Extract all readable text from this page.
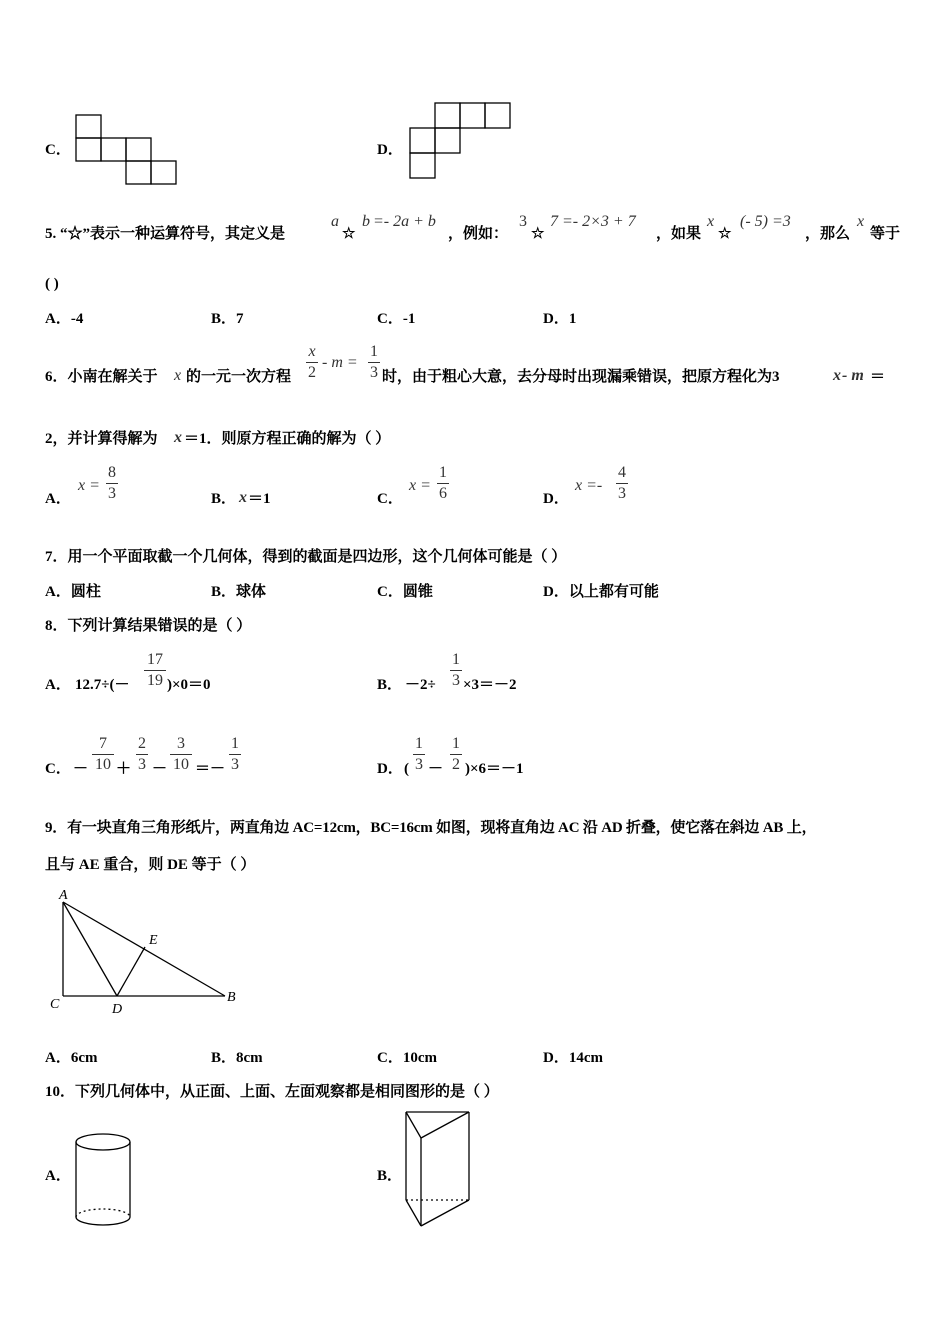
C．	D．
5. “☆”表示一种运算符号，其定义是
a
☆
b =- 2a + b
，例如：
3
☆
7 =- 2×3 + 7
，如果
x
☆
(- 5) =3
，那么
x
等于
( )
A．-4	B．7	C．-1	D．1
6．小南在解关于 x 的一元一次方程
x
2
- m =
1
3 时，由于粗心大意，去分母时出现漏乘错误，把原方程化为3	x - m ＝
2，并计算得解为 x ＝1．则原方程正确的解为（ ）
A．
x =
8
3	B． x ＝1	C．
x =
1
6	D．
x =-
4
3
7．用一个平面取截一个几何体，得到的截面是四边形，这个几何体可能是（ ）
A．圆柱	B．球体	C．圆锥	D．以上都有可能
8．下列计算结果错误的是（ ）
A． 12.7÷(－
17
19 )×0＝0	B． －2÷
1
3 ×3＝－2
C． －
7
10 ＋
2
3 －
3
10 ＝－
1
3	D． (
1
3 －
1
2 )×6＝－1
9．有一块直角三角形纸片，两直角边 AC=12cm，BC=16cm 如图，现将直角边 AC 沿 AD 折叠，使它落在斜边 AB 上，
且与 AE 重合，则 DE 等于（ ）
A
E
C	D
B
A．6cm	B．8cm	C．10cm	D．14cm
10．下列几何体中，从正面、上面、左面观察都是相同图形的是（ ）
A．	B．
